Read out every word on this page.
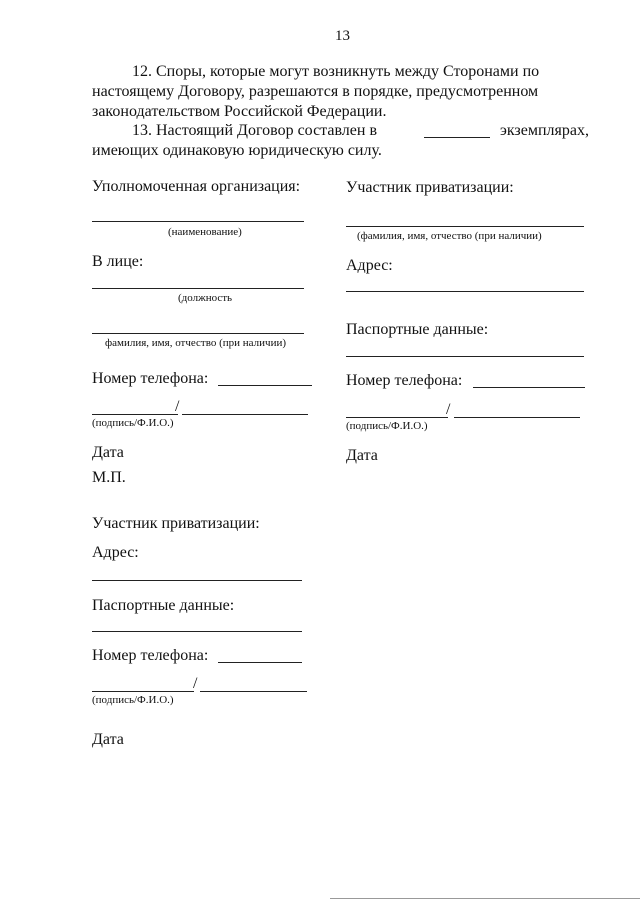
13
12. Споры, которые могут возникнуть между Сторонами по
настоящему Договору, разрешаются в порядке, предусмотренном
законодательством Российской Федерации.
13. Настоящий Договор составлен в	экземплярах,
имеющих одинаковую юридическую силу.
Уполномоченная организация:
(наименование)
В лице:
(должность
фамилия, имя, отчество (при наличии)
Номер телефона:
/
(подпись/Ф.И.О.)
Дата
М.П.
Участник приватизации:
(фамилия, имя, отчество (при наличии)
Адрес:
Паспортные данные:
Номер телефона:
/
(подпись/Ф.И.О.)
Дата
Участник приватизации:
Адрес:
Паспортные данные:
Номер телефона:
/
(подпись/Ф.И.О.)
Дата
